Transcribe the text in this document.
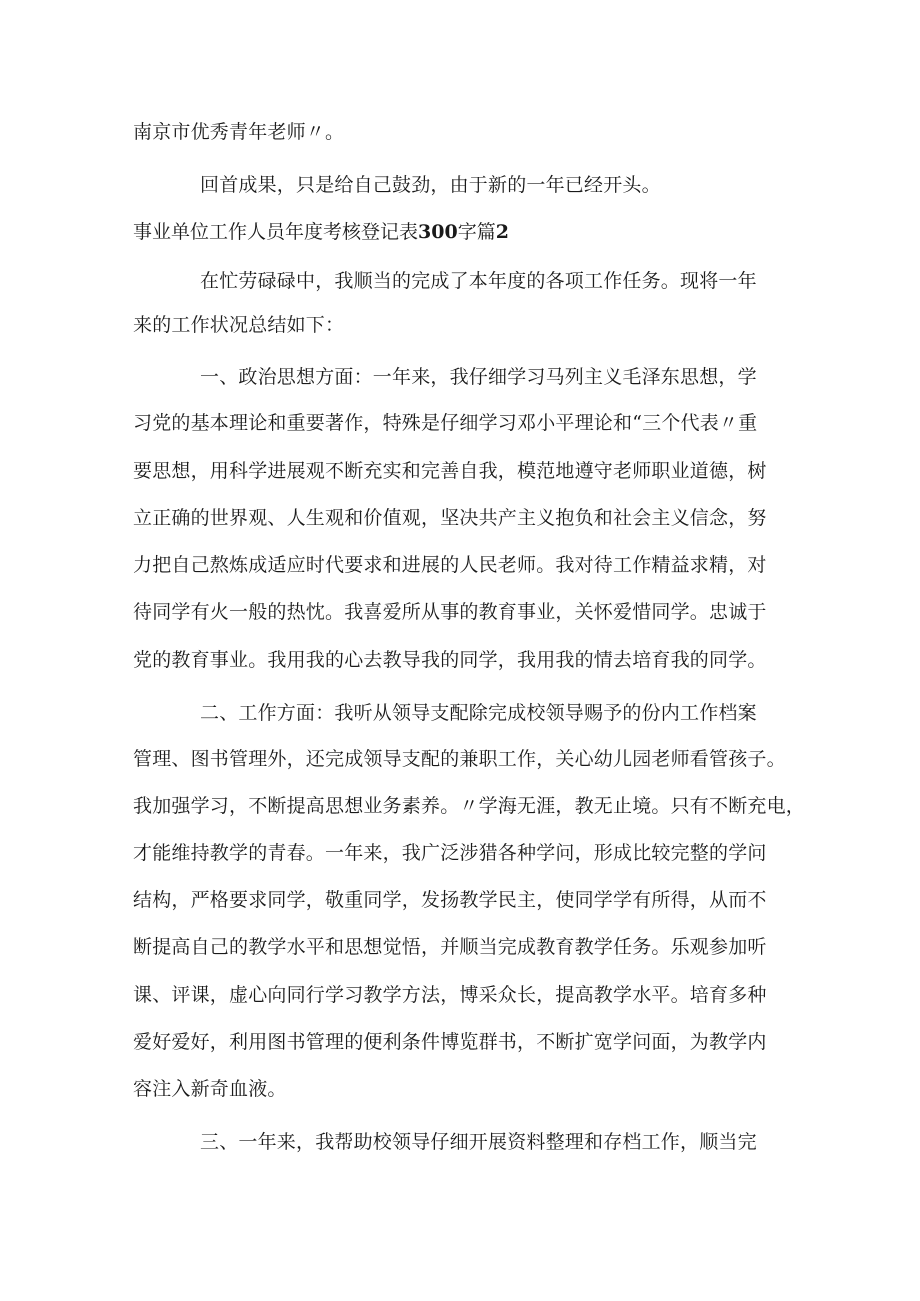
南京市优秀青年老师〃。
回首成果，只是给自己鼓劲，由于新的一年已经开头。
事业单位工作人员年度考核登记表300字篇2
在忙劳碌碌中，我顺当的完成了本年度的各项工作任务。现将一年
来的工作状况总结如下：
一、政治思想方面：一年来，我仔细学习马列主义毛泽东思想，学
习党的基本理论和重要著作，特殊是仔细学习邓小平理论和“三个代表〃重
要思想，用科学进展观不断充实和完善自我，模范地遵守老师职业道德，树
立正确的世界观、人生观和价值观，坚决共产主义抱负和社会主义信念，努
力把自己熬炼成适应时代要求和进展的人民老师。我对待工作精益求精，对
待同学有火一般的热忱。我喜爱所从事的教育事业，关怀爱惜同学。忠诚于
党的教育事业。我用我的心去教导我的同学，我用我的情去培育我的同学。
二、工作方面：我听从领导支配除完成校领导赐予的份内工作档案
管理、图书管理外，还完成领导支配的兼职工作，关心幼儿园老师看管孩子。
我加强学习，不断提高思想业务素养。〃学海无涯，教无止境。只有不断充电，
才能维持教学的青春。一年来，我广泛涉猎各种学问，形成比较完整的学问
结构，严格要求同学，敬重同学，发扬教学民主，使同学学有所得，从而不
断提高自己的教学水平和思想觉悟，并顺当完成教育教学任务。乐观参加听
课、评课，虚心向同行学习教学方法，博采众长，提高教学水平。培育多种
爱好爱好，利用图书管理的便利条件博览群书，不断扩宽学问面，为教学内
容注入新奇血液。
三、一年来，我帮助校领导仔细开展资料整理和存档工作，顺当完
